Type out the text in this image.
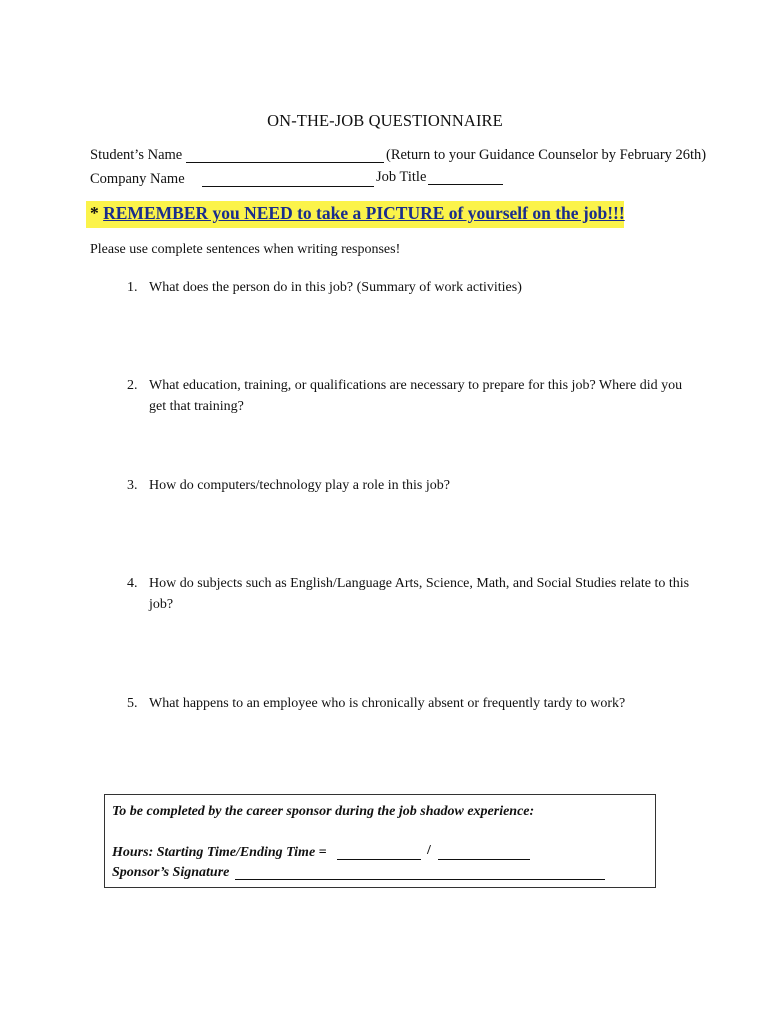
ON-THE-JOB QUESTIONNAIRE
Student’s Name	(Return to your Guidance Counselor by February 26th)
Company Name	Job Title
* REMEMBER you NEED to take a PICTURE of yourself on the job!!!
Please use complete sentences when writing responses!
1. What does the person do in this job? (Summary of work activities)
2. What education, training, or qualifications are necessary to prepare for this job? Where did you get that training?
3. How do computers/technology play a role in this job?
4. How do subjects such as English/Language Arts, Science, Math, and Social Studies relate to this job?
5. What happens to an employee who is chronically absent or frequently tardy to work?
To be completed by the career sponsor during the job shadow experience:
Hours: Starting Time/Ending Time =	/
Sponsor’s Signature
